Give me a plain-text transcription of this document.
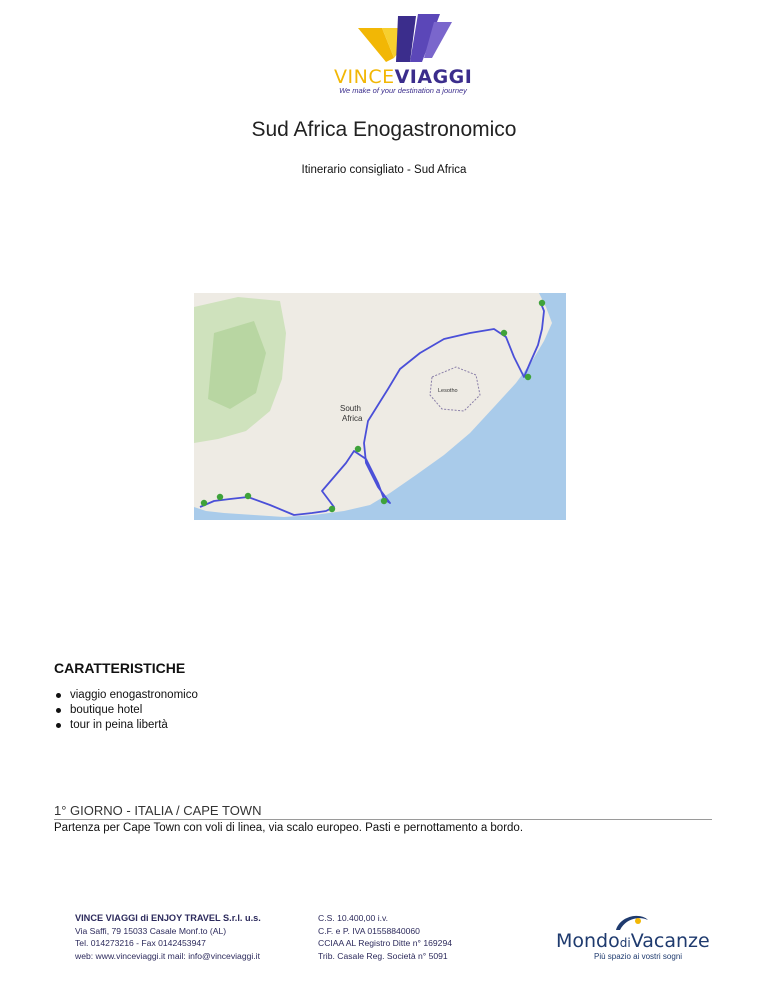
VINCEVIAGGI
We make of your destination a journey
Sud Africa Enogastronomico
Itinerario consigliato - Sud Africa
Lesotho
South
Africa
CARATTERISTICHE
viaggio enogastronomico
boutique hotel
tour in peina libertà
1° GIORNO - ITALIA / CAPE TOWN
Partenza per Cape Town con voli di linea, via scalo europeo. Pasti e pernottamento a bordo.
VINCE VIAGGI di ENJOY TRAVEL S.r.l. u.s.
Via Saffi, 79 15033 Casale Monf.to (AL)
Tel. 014273216 - Fax 0142453947
web: www.vinceviaggi.it mail: info@vinceviaggi.it
C.S. 10.400,00 i.v.
C.F. e P. IVA 01558840060
CCIAA AL Registro Ditte n° 169294
Trib. Casale Reg. Società n° 5091
MondodiVacanze
Più spazio ai vostri sogni
